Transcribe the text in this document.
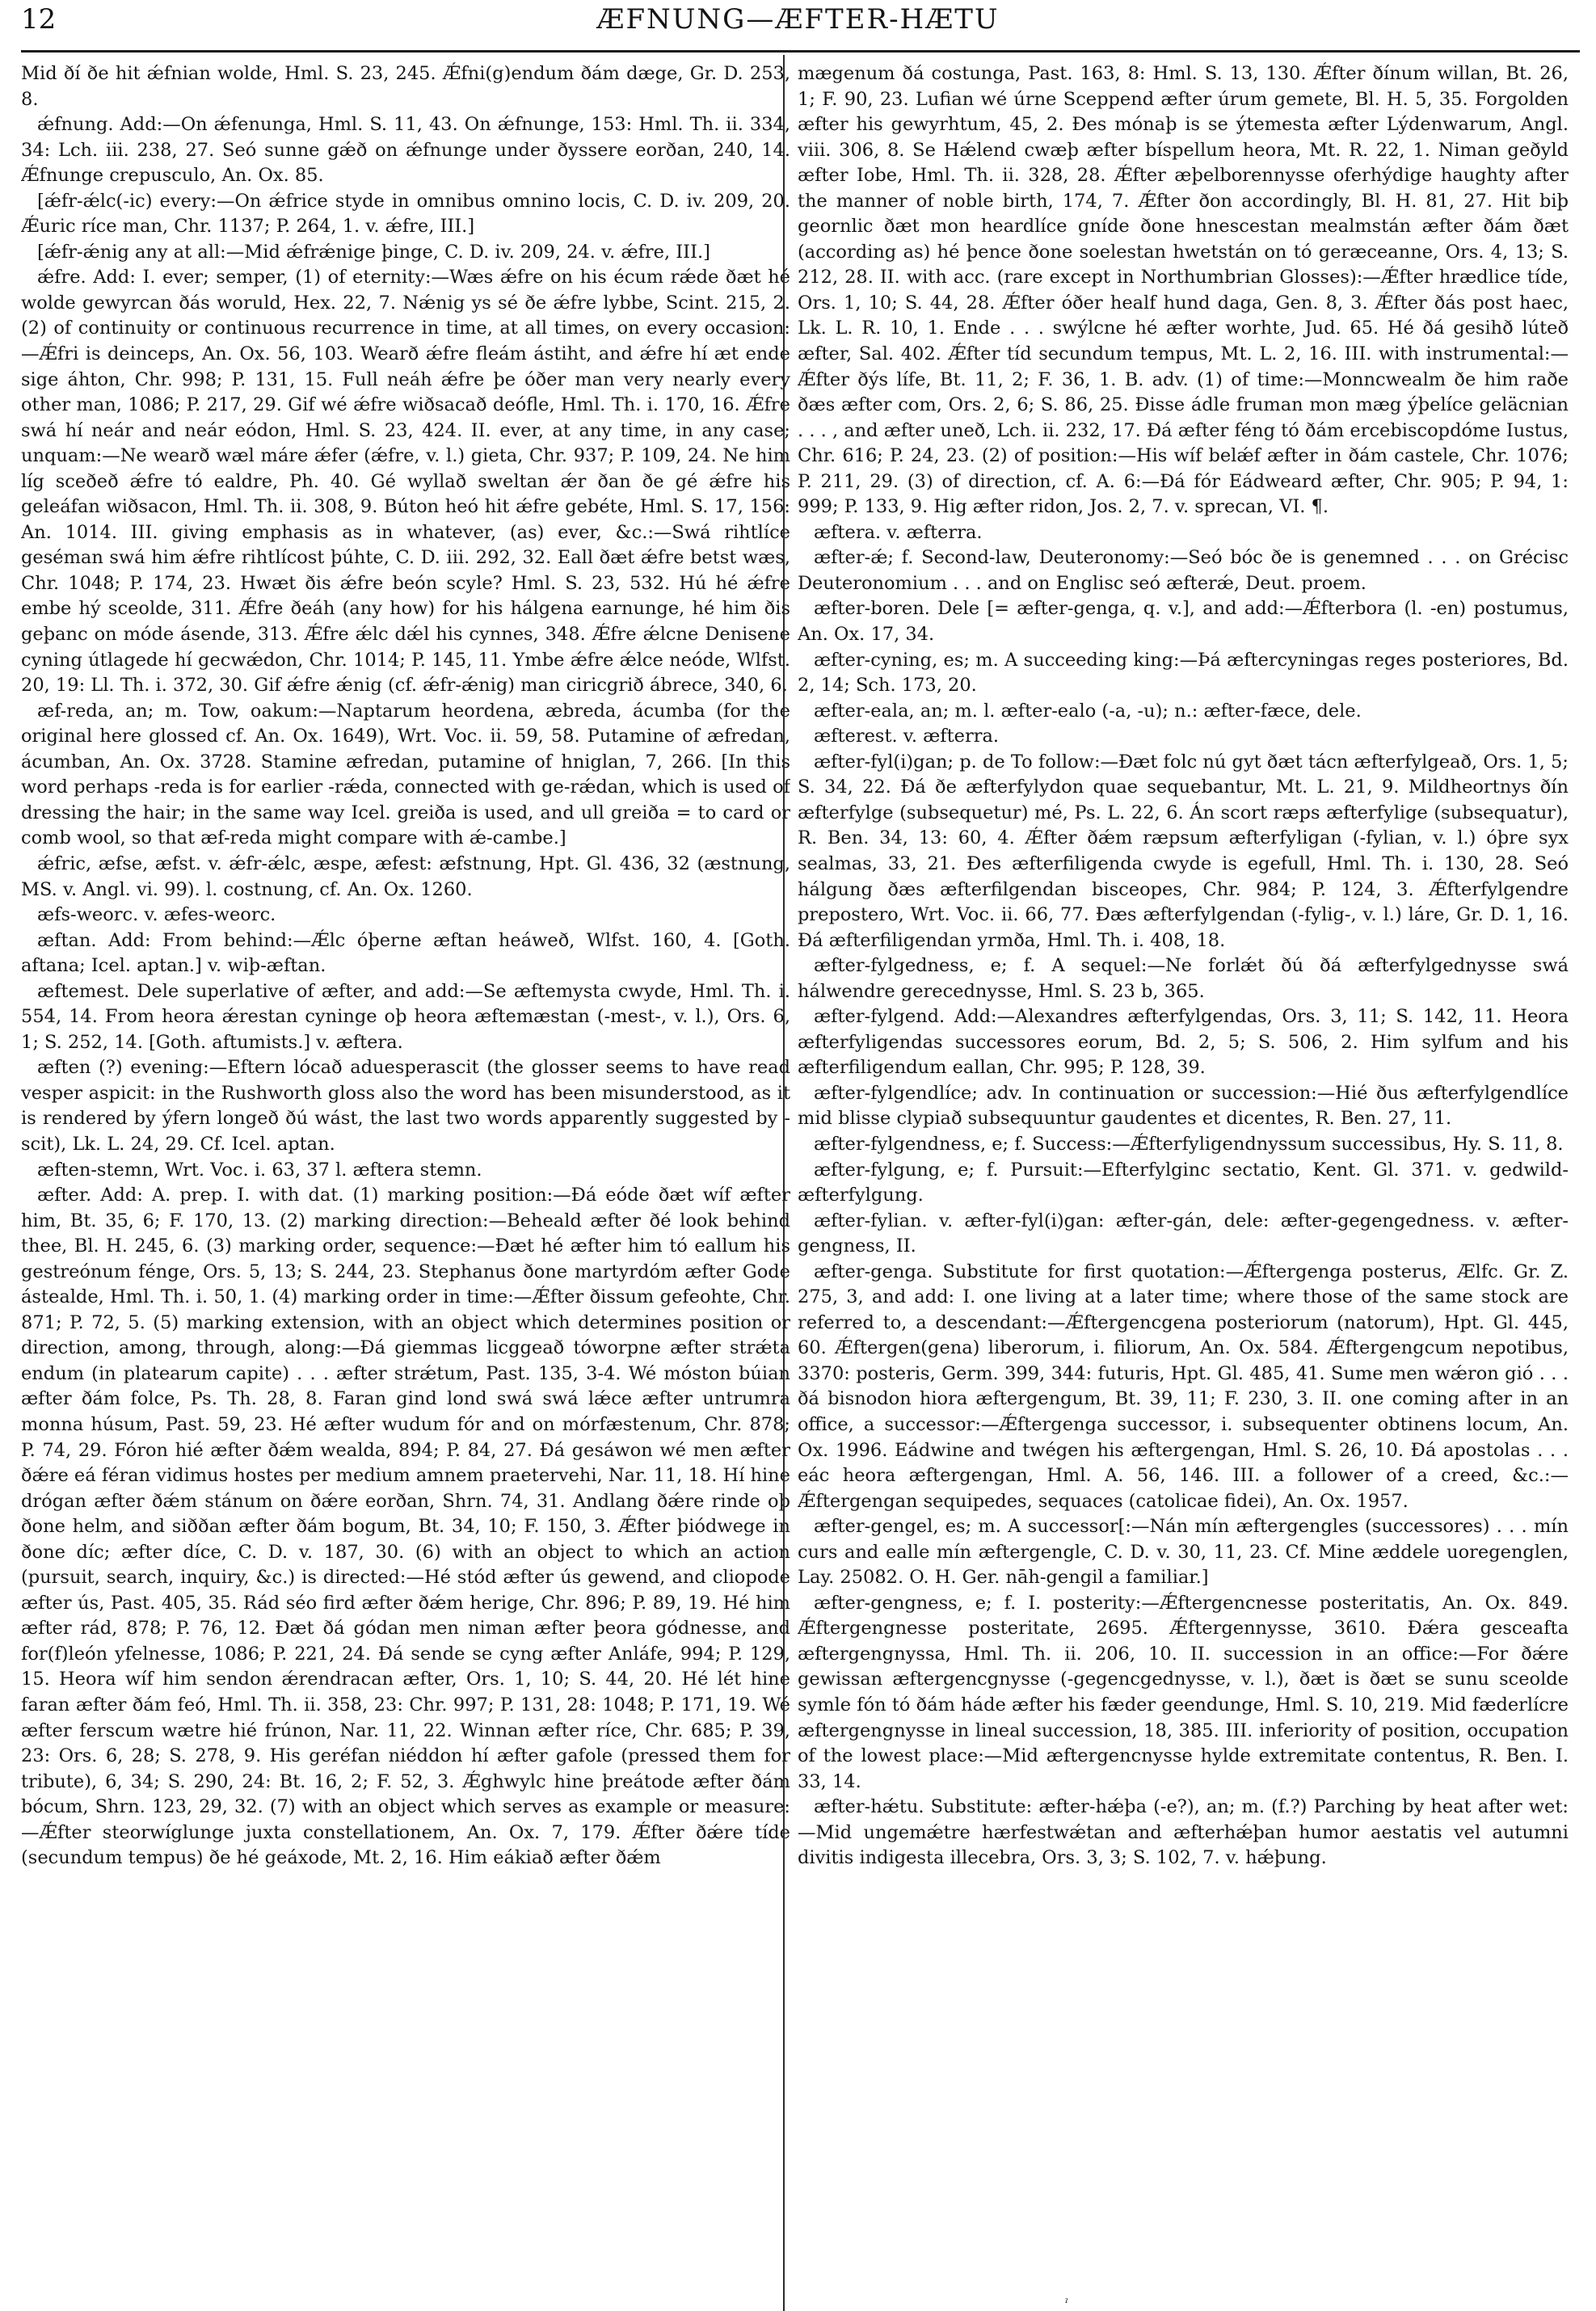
12	ÆFNUNG—ÆFTER-HÆTU

Mid ðí ðe hit ǽfnian wolde, Hml. S. 23, 245. Ǽfni(g)endum ðám dæge, Gr. D. 253, 8.

ǽfnung. Add:—On ǽfenunga, Hml. S. 11, 43. On ǽfnunge, 153: Hml. Th. ii. 334, 34: Lch. iii. 238, 27. Seó sunne gǽð on ǽfnunge under ðyssere eorðan, 240, 14. Ǽfnunge crepusculo, An. Ox. 85.

[ǽfr-ǽlc(-ic) every:—On ǽfrice styde in omnibus omnino locis, C. D. iv. 209, 20. Ǽuric ríce man, Chr. 1137; P. 264, 1. v. ǽfre, III.]

[ǽfr-ǽnig any at all:—Mid ǽfrǽnige þinge, C. D. iv. 209, 24. v. ǽfre, III.]

ǽfre. Add: I. ever; semper, (1) of eternity:—Wæs ǽfre on his écum rǽde ðæt hé wolde gewyrcan ðás woruld, Hex. 22, 7. Nǽnig ys sé ðe ǽfre lybbe, Scint. 215, 2. (2) of continuity or continuous recurrence in time, at all times, on every occasion:—Ǽfri is deinceps, An. Ox. 56, 103. Wearð ǽfre fleám ástiht, and ǽfre hí æt ende sige áhton, Chr. 998; P. 131, 15. Full neáh ǽfre þe óðer man very nearly every other man, 1086; P. 217, 29. Gif wé ǽfre wiðsacað deófle, Hml. Th. i. 170, 16. Ǽfre swá hí neár and neár eódon, Hml. S. 23, 424. II. ever, at any time, in any case; unquam:—Ne wearð wæl máre ǽfer (ǽfre, v. l.) gieta, Chr. 937; P. 109, 24. Ne him líg sceðeð ǽfre tó ealdre, Ph. 40. Gé wyllað sweltan ǽr ðan ðe gé ǽfre his geleáfan wiðsacon, Hml. Th. ii. 308, 9. Búton heó hit ǽfre gebéte, Hml. S. 17, 156: An. 1014. III. giving emphasis as in whatever, (as) ever, &c.:—Swá rihtlíce geséman swá him ǽfre rihtlícost þúhte, C. D. iii. 292, 32. Eall ðæt ǽfre betst wæs, Chr. 1048; P. 174, 23. Hwæt ðis ǽfre beón scyle? Hml. S. 23, 532. Hú hé ǽfre embe hý sceolde, 311. Ǽfre ðeáh (any how) for his hálgena earnunge, hé him ðis geþanc on móde ásende, 313. Ǽfre ǽlc dǽl his cynnes, 348. Ǽfre ǽlcne Denisene cyning útlagede hí gecwǽdon, Chr. 1014; P. 145, 11. Ymbe ǽfre ǽlce neóde, Wlfst. 20, 19: Ll. Th. i. 372, 30. Gif ǽfre ǽnig (cf. ǽfr-ǽnig) man ciricgrið ábrece, 340, 6.

æf-reda, an; m. Tow, oakum:—Naptarum heordena, æbreda, ácumba (for the original here glossed cf. An. Ox. 1649), Wrt. Voc. ii. 59, 58. Putamine of æfredan, ácumban, An. Ox. 3728. Stamine æfredan, putamine of hniglan, 7, 266. [In this word perhaps -reda is for earlier -rǽda, connected with ge-rǽdan, which is used of dressing the hair; in the same way Icel. greiða is used, and ull greiða = to card or comb wool, so that æf-reda might compare with ǽ-cambe.]

ǽfric, æfse, æfst. v. ǽfr-ǽlc, æspe, æfest: æfstnung, Hpt. Gl. 436, 32 (æstnung, MS. v. Angl. vi. 99). l. costnung, cf. An. Ox. 1260.

æfs-weorc. v. æfes-weorc.

æftan. Add: From behind:—Ǽlc óþerne æftan heáweð, Wlfst. 160, 4. [Goth. aftana; Icel. aptan.] v. wiþ-æftan.

æftemest. Dele superlative of æfter, and add:—Se æftemysta cwyde, Hml. Th. i. 554, 14. From heora ǽrestan cyninge oþ heora æftemæstan (-mest-, v. l.), Ors. 6, 1; S. 252, 14. [Goth. aftumists.] v. æftera.

æften (?) evening:—Eftern lócað aduesperascit (the glosser seems to have read vesper aspicit: in the Rushworth gloss also the word has been misunderstood, as it is rendered by ýfern longeð ðú wást, the last two words apparently suggested by -scit), Lk. L. 24, 29. Cf. Icel. aptan.

æften-stemn, Wrt. Voc. i. 63, 37 l. æftera stemn.

æfter. Add: A. prep. I. with dat. (1) marking position:—Ðá eóde ðæt wíf æfter him, Bt. 35, 6; F. 170, 13. (2) marking direction:—Beheald æfter ðé look behind thee, Bl. H. 245, 6. (3) marking order, sequence:—Ðæt hé æfter him tó eallum his gestreónum fénge, Ors. 5, 13; S. 244, 23. Stephanus ðone martyrdóm æfter Gode ástealde, Hml. Th. i. 50, 1. (4) marking order in time:—Ǽfter ðissum gefeohte, Chr. 871; P. 72, 5. (5) marking extension, with an object which determines position or direction, among, through, along:—Ðá giemmas licggeað tóworpne æfter strǽta endum (in platearum capite) . . . æfter strǽtum, Past. 135, 3-4. Wé móston búian æfter ðám folce, Ps. Th. 28, 8. Faran gind lond swá swá lǽce æfter untrumra monna húsum, Past. 59, 23. Hé æfter wudum fór and on mórfæstenum, Chr. 878; P. 74, 29. Fóron hié æfter ðǽm wealda, 894; P. 84, 27. Ðá gesáwon wé men æfter ðǽre eá féran vidimus hostes per medium amnem praetervehi, Nar. 11, 18. Hí hine drógan æfter ðǽm stánum on ðǽre eorðan, Shrn. 74, 31. Andlang ðǽre rinde oþ ðone helm, and siððan æfter ðám bogum, Bt. 34, 10; F. 150, 3. Ǽfter þiódwege in ðone díc; æfter díce, C. D. v. 187, 30. (6) with an object to which an action (pursuit, search, inquiry, &c.) is directed:—Hé stód æfter ús gewend, and cliopode æfter ús, Past. 405, 35. Rád séo fird æfter ðǽm herige, Chr. 896; P. 89, 19. Hé him æfter rád, 878; P. 76, 12. Ðæt ðá gódan men niman æfter þeora gódnesse, and for(f)león yfelnesse, 1086; P. 221, 24. Ðá sende se cyng æfter Anláfe, 994; P. 129, 15. Heora wíf him sendon ǽrendracan æfter, Ors. 1, 10; S. 44, 20. Hé lét hine faran æfter ðám feó, Hml. Th. ii. 358, 23: Chr. 997; P. 131, 28: 1048; P. 171, 19. Wé æfter ferscum wætre hié frúnon, Nar. 11, 22. Winnan æfter ríce, Chr. 685; P. 39, 23: Ors. 6, 28; S. 278, 9. His geréfan niéddon hí æfter gafole (pressed them for tribute), 6, 34; S. 290, 24: Bt. 16, 2; F. 52, 3. Ǽghwylc hine þreátode æfter ðám bócum, Shrn. 123, 29, 32. (7) with an object which serves as example or measure:—Ǽfter steorwíglunge juxta constellationem, An. Ox. 7, 179. Ǽfter ðǽre tíde (secundum tempus) ðe hé geáxode, Mt. 2, 16. Him eákiað æfter ðǽm

mægenum ðá costunga, Past. 163, 8: Hml. S. 13, 130. Ǽfter ðínum willan, Bt. 26, 1; F. 90, 23. Lufian wé úrne Sceppend æfter úrum gemete, Bl. H. 5, 35. Forgolden æfter his gewyrhtum, 45, 2. Ðes mónaþ is se ýtemesta æfter Lýdenwarum, Angl. viii. 306, 8. Se Hǽlend cwæþ æfter bíspellum heora, Mt. R. 22, 1. Niman geðyld æfter Iobe, Hml. Th. ii. 328, 28. Ǽfter æþelborennysse oferhýdige haughty after the manner of noble birth, 174, 7. Ǽfter ðon accordingly, Bl. H. 81, 27. Hit biþ geornlic ðæt mon heardlíce gníde ðone hnescestan mealmstán æfter ðám ðæt (according as) hé þence ðone soelestan hwetstán on tó geræceanne, Ors. 4, 13; S. 212, 28. II. with acc. (rare except in Northumbrian Glosses):—Ǽfter hrædlice tíde, Ors. 1, 10; S. 44, 28. Ǽfter óðer healf hund daga, Gen. 8, 3. Ǽfter ðás post haec, Lk. L. R. 10, 1. Ende . . . swýlcne hé æfter worhte, Jud. 65. Hé ðá gesihð lúteð æfter, Sal. 402. Ǽfter tíd secundum tempus, Mt. L. 2, 16. III. with instrumental:—Ǽfter ðýs lífe, Bt. 11, 2; F. 36, 1. B. adv. (1) of time:—Monncwealm ðe him raðe ðæs æfter com, Ors. 2, 6; S. 86, 25. Ðisse ádle fruman mon mæg ýþelíce geläcnian . . . , and æfter uneð, Lch. ii. 232, 17. Ðá æfter féng tó ðám ercebiscopdóme Iustus, Chr. 616; P. 24, 23. (2) of position:—His wíf belǽf æfter in ðám castele, Chr. 1076; P. 211, 29. (3) of direction, cf. A. 6:—Ðá fór Eádweard æfter, Chr. 905; P. 94, 1: 999; P. 133, 9. Hig æfter ridon, Jos. 2, 7. v. sprecan, VI. ¶.

æftera. v. æfterra.

æfter-ǽ; f. Second-law, Deuteronomy:—Seó bóc ðe is genemned . . . on Grécisc Deuteronomium . . . and on Englisc seó æfterǽ, Deut. proem.

æfter-boren. Dele [= æfter-genga, q. v.], and add:—Ǽfterbora (l. -en) postumus, An. Ox. 17, 34.

æfter-cyning, es; m. A succeeding king:—Þá æftercyningas reges posteriores, Bd. 2, 14; Sch. 173, 20.

æfter-eala, an; m. l. æfter-ealo (-a, -u); n.: æfter-fæce, dele.

æfterest. v. æfterra.

æfter-fyl(i)gan; p. de To follow:—Ðæt folc nú gyt ðæt tácn æfterfylgeað, Ors. 1, 5; S. 34, 22. Ðá ðe æfterfylydon quae sequebantur, Mt. L. 21, 9. Mildheortnys ðín æfterfylge (subsequetur) mé, Ps. L. 22, 6. Án scort ræps æfterfylige (subsequatur), R. Ben. 34, 13: 60, 4. Ǽfter ðǽm ræpsum æfterfyligan (-fylian, v. l.) óþre syx sealmas, 33, 21. Ðes æfterfiligenda cwyde is egefull, Hml. Th. i. 130, 28. Seó hálgung ðæs æfterfilgendan bisceopes, Chr. 984; P. 124, 3. Ǽfterfylgendre prepostero, Wrt. Voc. ii. 66, 77. Ðæs æfterfylgendan (-fylig-, v. l.) láre, Gr. D. 1, 16. Ðá æfterfiligendan yrmða, Hml. Th. i. 408, 18.

æfter-fylgedness, e; f. A sequel:—Ne forlǽt ðú ðá æfterfylgednysse swá hálwendre gerecednysse, Hml. S. 23 b, 365.

æfter-fylgend. Add:—Alexandres æfterfylgendas, Ors. 3, 11; S. 142, 11. Heora æfterfyligendas successores eorum, Bd. 2, 5; S. 506, 2. Him sylfum and his æfterfiligendum eallan, Chr. 995; P. 128, 39.

æfter-fylgendlíce; adv. In continuation or succession:—Hié ðus æfterfylgendlíce mid blisse clypiað subsequuntur gaudentes et dicentes, R. Ben. 27, 11.

æfter-fylgendness, e; f. Success:—Ǽfterfyligendnyssum successibus, Hy. S. 11, 8.

æfter-fylgung, e; f. Pursuit:—Efterfylginc sectatio, Kent. Gl. 371. v. gedwild-æfterfylgung.

æfter-fylian. v. æfter-fyl(i)gan: æfter-gán, dele: æfter-gegengedness. v. æfter-gengness, II.

æfter-genga. Substitute for first quotation:—Ǽftergenga posterus, Ælfc. Gr. Z. 275, 3, and add: I. one living at a later time; where those of the same stock are referred to, a descendant:—Ǽftergencgena posteriorum (natorum), Hpt. Gl. 445, 60. Ǽftergen(gena) liberorum, i. filiorum, An. Ox. 584. Ǽftergengcum nepotibus, 3370: posteris, Germ. 399, 344: futuris, Hpt. Gl. 485, 41. Sume men wǽron gió . . . ðá bisnodon hiora æftergengum, Bt. 39, 11; F. 230, 3. II. one coming after in an office, a successor:—Ǽftergenga successor, i. subsequenter obtinens locum, An. Ox. 1996. Eádwine and twégen his æftergengan, Hml. S. 26, 10. Ðá apostolas . . . eác heora æftergengan, Hml. A. 56, 146. III. a follower of a creed, &c.:—Ǽftergengan sequipedes, sequaces (catolicae fidei), An. Ox. 1957.

æfter-gengel, es; m. A successor[:—Nán mín æftergengles (successores) . . . mín curs and ealle mín æftergengle, C. D. v. 30, 11, 23. Cf. Mine æddele uoregenglen, Lay. 25082. O. H. Ger. nāh-gengil a familiar.]

æfter-gengness, e; f. I. posterity:—Ǽftergencnesse posteritatis, An. Ox. 849. Ǽftergengnesse posteritate, 2695. Ǽftergennysse, 3610. Ðǽra gesceafta æftergengnyssa, Hml. Th. ii. 206, 10. II. succession in an office:—For ðǽre gewissan æftergencgnysse (-gegencgednysse, v. l.), ðæt is ðæt se sunu sceolde symle fón tó ðám háde æfter his fæder geendunge, Hml. S. 10, 219. Mid fæderlícre æftergengnysse in lineal succession, 18, 385. III. inferiority of position, occupation of the lowest place:—Mid æftergencnysse hylde extremitate contentus, R. Ben. I. 33, 14.

æfter-hǽtu. Substitute: æfter-hǽþa (-e?), an; m. (f.?) Parching by heat after wet:—Mid ungemǽtre hærfestwǽtan and æfterhǽþan humor aestatis vel autumni divitis indigesta illecebra, Ors. 3, 3; S. 102, 7. v. hǽþung.

ˀ
